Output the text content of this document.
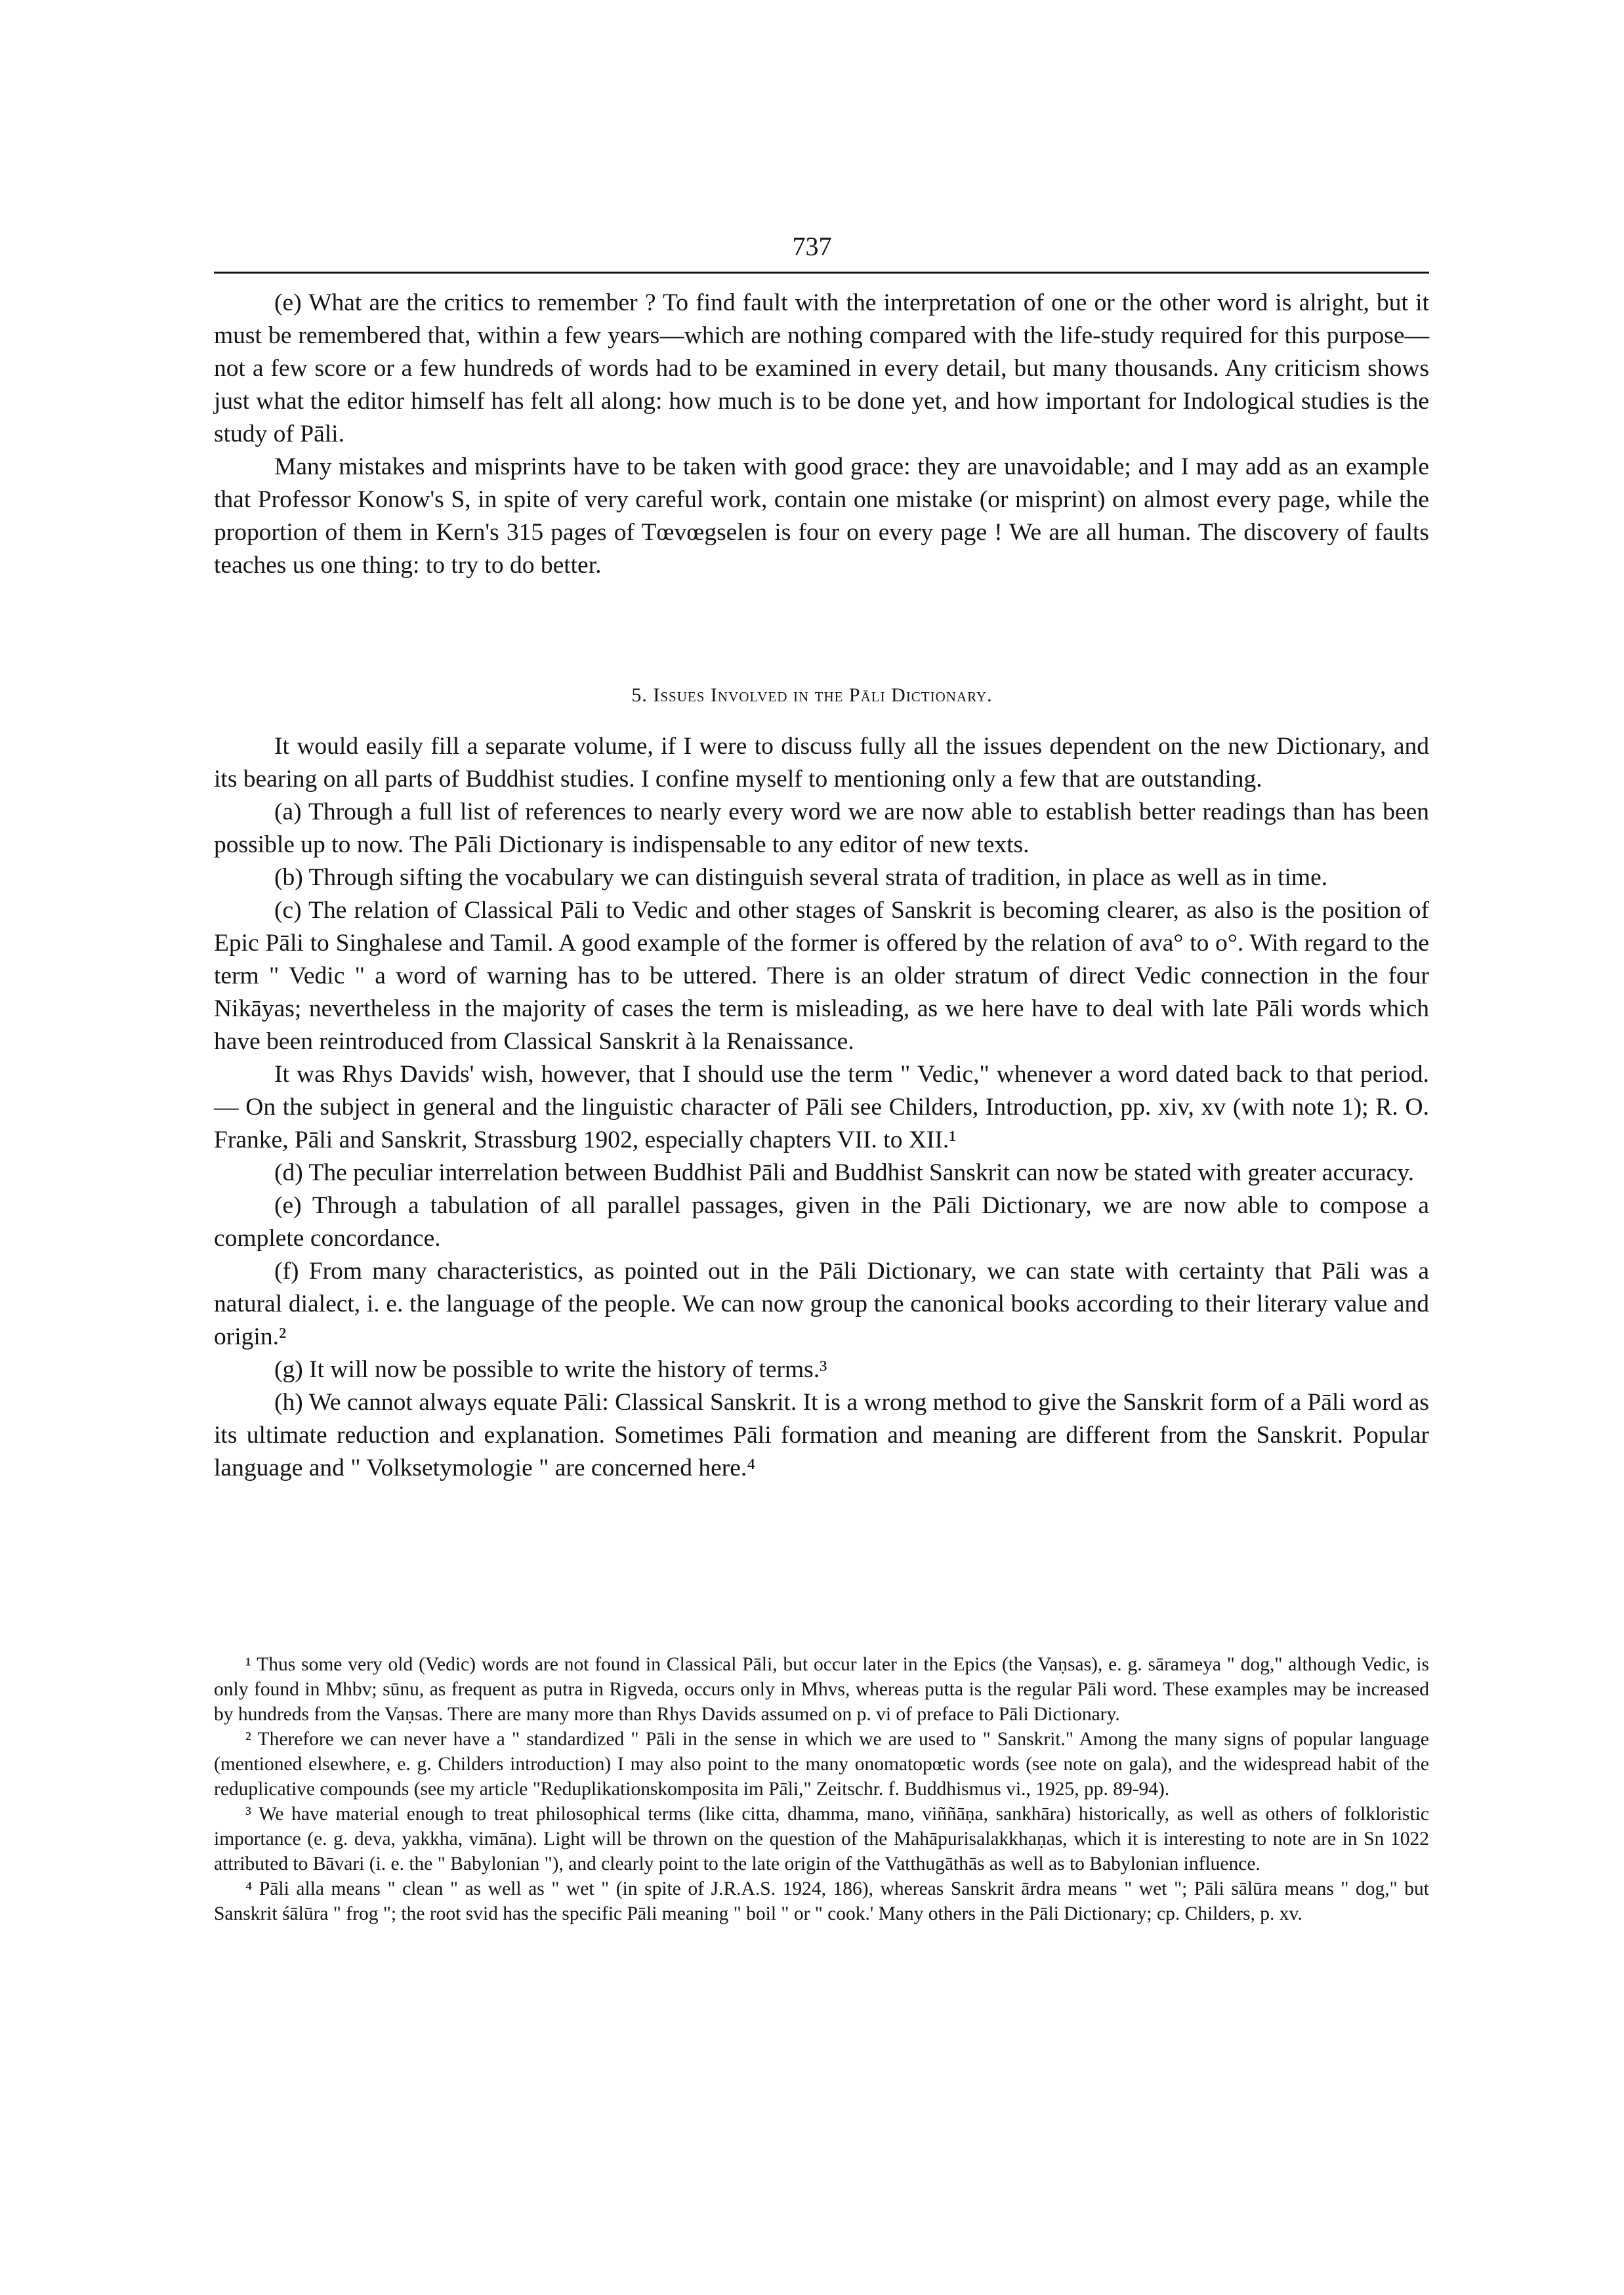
737

(e) What are the critics to remember ? To find fault with the interpretation of one or the other word is alright, but it must be remembered that, within a few years—which are nothing compared with the life-study required for this purpose—not a few score or a few hundreds of words had to be examined in every detail, but many thousands. Any criticism shows just what the editor himself has felt all along: how much is to be done yet, and how important for Indological studies is the study of Pāli.

Many mistakes and misprints have to be taken with good grace: they are unavoidable; and I may add as an example that Professor Konow's S, in spite of very careful work, contain one mistake (or misprint) on almost every page, while the proportion of them in Kern's 315 pages of Tœvœgselen is four on every page ! We are all human. The discovery of faults teaches us one thing: to try to do better.

5. Issues Involved in the Pāli Dictionary.

It would easily fill a separate volume, if I were to discuss fully all the issues dependent on the new Dictionary, and its bearing on all parts of Buddhist studies. I confine myself to mentioning only a few that are outstanding.

(a) Through a full list of references to nearly every word we are now able to establish better readings than has been possible up to now. The Pāli Dictionary is indispensable to any editor of new texts.

(b) Through sifting the vocabulary we can distinguish several strata of tradition, in place as well as in time.

(c) The relation of Classical Pāli to Vedic and other stages of Sanskrit is becoming clearer, as also is the position of Epic Pāli to Singhalese and Tamil. A good example of the former is offered by the relation of ava° to o°. With regard to the term " Vedic " a word of warning has to be uttered. There is an older stratum of direct Vedic connection in the four Nikāyas; nevertheless in the majority of cases the term is misleading, as we here have to deal with late Pāli words which have been reintroduced from Classical Sanskrit à la Renaissance.

It was Rhys Davids' wish, however, that I should use the term " Vedic," whenever a word dated back to that period. — On the subject in general and the linguistic character of Pāli see Childers, Introduction, pp. xiv, xv (with note 1); R. O. Franke, Pāli and Sanskrit, Strassburg 1902, especially chapters VII. to XII.¹

(d) The peculiar interrelation between Buddhist Pāli and Buddhist Sanskrit can now be stated with greater accuracy.

(e) Through a tabulation of all parallel passages, given in the Pāli Dictionary, we are now able to compose a complete concordance.

(f) From many characteristics, as pointed out in the Pāli Dictionary, we can state with certainty that Pāli was a natural dialect, i. e. the language of the people. We can now group the canonical books according to their literary value and origin.²

(g) It will now be possible to write the history of terms.³

(h) We cannot always equate Pāli: Classical Sanskrit. It is a wrong method to give the Sanskrit form of a Pāli word as its ultimate reduction and explanation. Sometimes Pāli formation and meaning are different from the Sanskrit. Popular language and " Volksetymologie " are concerned here.⁴

¹ Thus some very old (Vedic) words are not found in Classical Pāli, but occur later in the Epics (the Vaṇsas), e. g. sārameya " dog," although Vedic, is only found in Mhbv; sūnu, as frequent as putra in Rigveda, occurs only in Mhvs, whereas putta is the regular Pāli word. These examples may be increased by hundreds from the Vaṇsas. There are many more than Rhys Davids assumed on p. vi of preface to Pāli Dictionary.

² Therefore we can never have a " standardized " Pāli in the sense in which we are used to " Sanskrit." Among the many signs of popular language (mentioned elsewhere, e. g. Childers introduction) I may also point to the many onomatopœtic words (see note on gala), and the widespread habit of the reduplicative compounds (see my article "Reduplikationskomposita im Pāli," Zeitschr. f. Buddhismus vi., 1925, pp. 89-94).

³ We have material enough to treat philosophical terms (like citta, dhamma, mano, viññāṇa, sankhāra) historically, as well as others of folkloristic importance (e. g. deva, yakkha, vimāna). Light will be thrown on the question of the Mahāpurisalakkhaṇas, which it is interesting to note are in Sn 1022 attributed to Bāvari (i. e. the " Babylonian "), and clearly point to the late origin of the Vatthugāthās as well as to Babylonian influence.

⁴ Pāli alla means " clean " as well as " wet " (in spite of J.R.A.S. 1924, 186), whereas Sanskrit ārdra means " wet "; Pāli sālūra means " dog," but Sanskrit śālūra " frog "; the root svid has the specific Pāli meaning " boil " or " cook.' Many others in the Pāli Dictionary; cp. Childers, p. xv.
